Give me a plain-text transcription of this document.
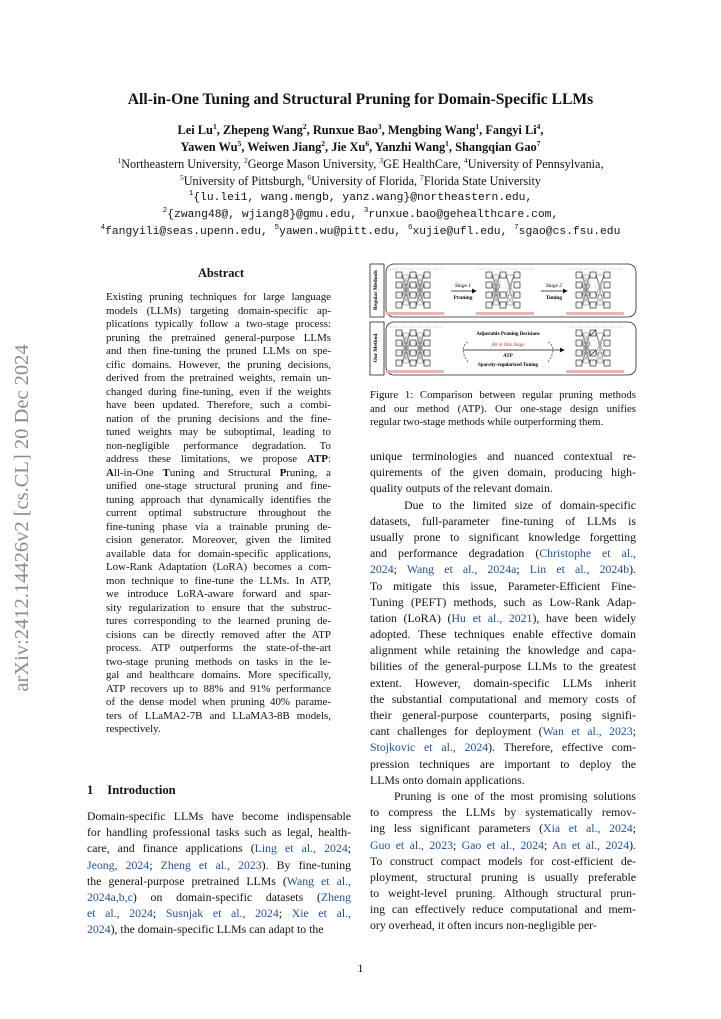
All-in-One Tuning and Structural Pruning for Domain-Specific LLMs
Lei Lu$^1$, Zhepeng Wang$^2$, Runxue Bao$^3$, Mengbing Wang$^1$, Fangyi Li$^4$,
Yawen Wu$^5$, Weiwen Jiang$^2$, Jie Xu$^6$, Yanzhi Wang$^1$, Shangqian Gao$^7$
$^1$Northeastern University, $^2$George Mason University, $^3$GE HealthCare, $^4$University of Pennsylvania,
$^5$University of Pittsburgh, $^6$University of Florida, $^7$Florida State University
$^1${lu.lei1, wang.mengb, yanz.wang}@northeastern.edu,
$^2${zwang48@, wjiang8}@gmu.edu, $^3$runxue.bao@gehealthcare.com,
$^4$fangyili@seas.upenn.edu, $^5$yawen.wu@pitt.edu, $^6$xujie@ufl.edu, $^7$sgao@cs.fsu.edu
arXiv:2412.14426v2 [cs.CL] 20 Dec 2024
Abstract
Existing pruning techniques for large language
models (LLMs) targeting domain-specific ap-
plications typically follow a two-stage process:
pruning the pretrained general-purpose LLMs
and then fine-tuning the pruned LLMs on spe-
cific domains. However, the pruning decisions,
derived from the pretrained weights, remain un-
changed during fine-tuning, even if the weights
have been updated. Therefore, such a combi-
nation of the pruning decisions and the fine-
tuned weights may be suboptimal, leading to
non-negligible performance degradation. To
address these limitations, we propose ATP:
All-in-One Tuning and Structural Pruning, a
unified one-stage structural pruning and fine-
tuning approach that dynamically identifies the
current optimal substructure throughout the
fine-tuning phase via a trainable pruning de-
cision generator. Moreover, given the limited
available data for domain-specific applications,
Low-Rank Adaptation (LoRA) becomes a com-
mon technique to fine-tune the LLMs. In ATP,
we introduce LoRA-aware forward and spar-
sity regularization to ensure that the substruc-
tures corresponding to the learned pruning de-
cisions can be directly removed after the ATP
process. ATP outperforms the state-of-the-art
two-stage pruning methods on tasks in the le-
gal and healthcare domains. More specifically,
ATP recovers up to 88% and 91% performance
of the dense model when pruning 40% parame-
ters of LLaMA2-7B and LLaMA3-8B models,
respectively.
1 Introduction
Domain-specific LLMs have become indispensable
for handling professional tasks such as legal, health-
care, and finance applications (Ling et al., 2024;
Jeong, 2024; Zheng et al., 2023). By fine-tuning
the general-purpose pretrained LLMs (Wang et al.,
2024a,b,c) on domain-specific datasets (Zheng
et al., 2024; Susnjak et al., 2024; Xie et al.,
2024), the domain-specific LLMs can adapt to the
Regular Methods
Our Method
Stage 1
Pruning
Stage 2
Tuning
Adjustable Pruning Decisions
All in One Stage
ATP
Sparsity-regularized Tuning
Figure 1: Comparison between regular pruning methods
and our method (ATP). Our one-stage design unifies
regular two-stage methods while outperforming them.
unique terminologies and nuanced contextual re-
quirements of the given domain, producing high-
quality outputs of the relevant domain.
Due to the limited size of domain-specific
datasets, full-parameter fine-tuning of LLMs is
usually prone to significant knowledge forgetting
and performance degradation (Christophe et al.,
2024; Wang et al., 2024a; Lin et al., 2024b).
To mitigate this issue, Parameter-Efficient Fine-
Tuning (PEFT) methods, such as Low-Rank Adap-
tation (LoRA) (Hu et al., 2021), have been widely
adopted. These techniques enable effective domain
alignment while retaining the knowledge and capa-
bilities of the general-purpose LLMs to the greatest
extent. However, domain-specific LLMs inherit
the substantial computational and memory costs of
their general-purpose counterparts, posing signifi-
cant challenges for deployment (Wan et al., 2023;
Stojkovic et al., 2024). Therefore, effective com-
pression techniques are important to deploy the
LLMs onto domain applications.
Pruning is one of the most promising solutions
to compress the LLMs by systematically remov-
ing less significant parameters (Xia et al., 2024;
Guo et al., 2023; Gao et al., 2024; An et al., 2024).
To construct compact models for cost-efficient de-
ployment, structural pruning is usually preferable
to weight-level pruning. Although structural prun-
ing can effectively reduce computational and mem-
ory overhead, it often incurs non-negligible per-
1
